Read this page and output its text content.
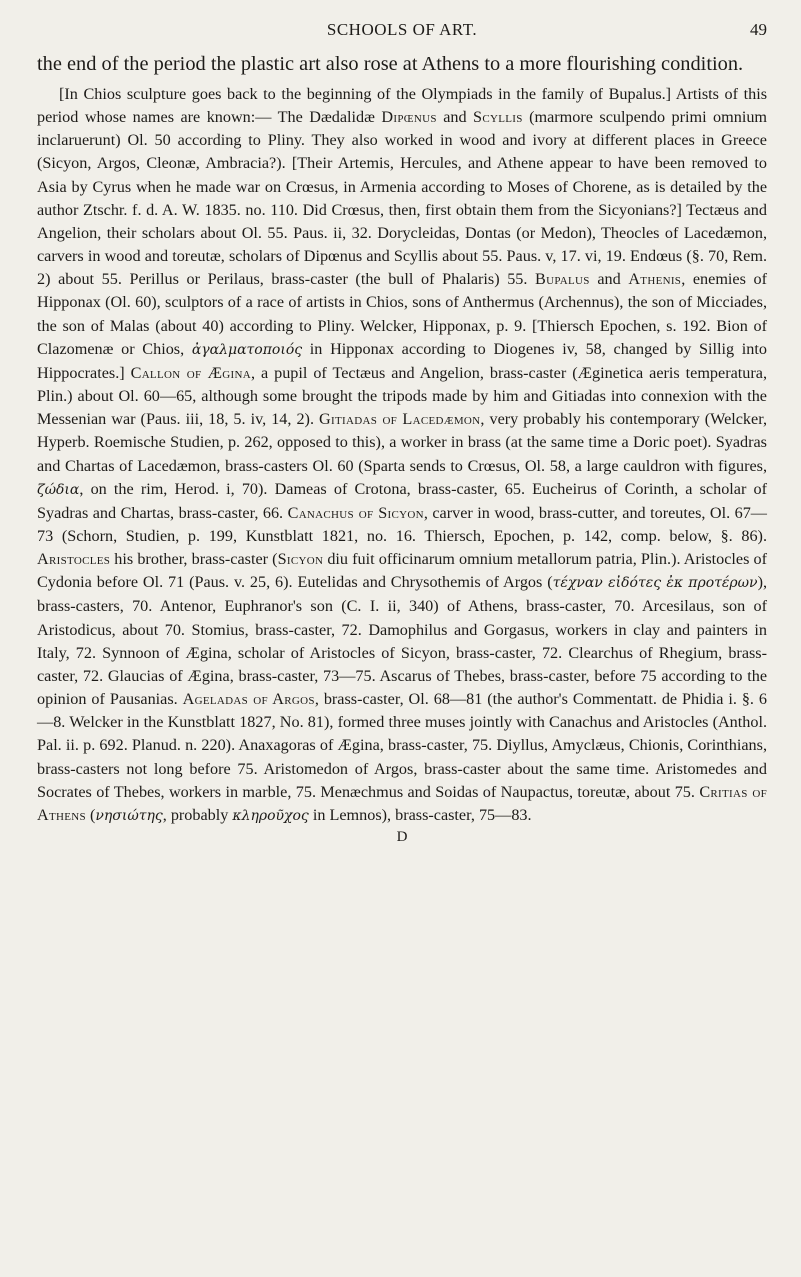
SCHOOLS OF ART.	49

the end of the period the plastic art also rose at Athens to a more flourishing condition.

[In Chios sculpture goes back to the beginning of the Olympiads in the family of Bupalus.] Artists of this period whose names are known:— The Dædalidæ Dipœnus and Scyllis (marmore sculpendo primi omnium inclaruerunt) Ol. 50 according to Pliny. They also worked in wood and ivory at different places in Greece (Sicyon, Argos, Cleonæ, Ambracia?). [Their Artemis, Hercules, and Athene appear to have been removed to Asia by Cyrus when he made war on Crœsus, in Armenia according to Moses of Chorene, as is detailed by the author Ztschr. f. d. A. W. 1835. no. 110. Did Crœsus, then, first obtain them from the Sicyonians?] Tectæus and Angelion, their scholars about Ol. 55. Paus. ii, 32. Dorycleidas, Dontas (or Medon), Theocles of Lacedæmon, carvers in wood and toreutæ, scholars of Dipœnus and Scyllis about 55. Paus. v, 17. vi, 19. Endœus (§. 70, Rem. 2) about 55. Perillus or Perilaus, brass-caster (the bull of Phalaris) 55. Bupalus and Athenis, enemies of Hipponax (Ol. 60), sculptors of a race of artists in Chios, sons of Anthermus (Archennus), the son of Micciades, the son of Malas (about 40) according to Pliny. Welcker, Hipponax, p. 9. [Thiersch Epochen, s. 192. Bion of Clazomenæ or Chios, ἀγαλματοποιός in Hipponax according to Diogenes iv, 58, changed by Sillig into Hippocrates.] Callon of Ægina, a pupil of Tectæus and Angelion, brass-caster (Æginetica aeris temperatura, Plin.) about Ol. 60—65, although some brought the tripods made by him and Gitiadas into connexion with the Messenian war (Paus. iii, 18, 5. iv, 14, 2). Gitiadas of Lacedæmon, very probably his contemporary (Welcker, Hyperb. Roemische Studien, p. 262, opposed to this), a worker in brass (at the same time a Doric poet). Syadras and Chartas of Lacedæmon, brass-casters Ol. 60 (Sparta sends to Crœsus, Ol. 58, a large cauldron with figures, ζώδια, on the rim, Herod. i, 70). Dameas of Crotona, brass-caster, 65. Eucheirus of Corinth, a scholar of Syadras and Chartas, brass-caster, 66. Canachus of Sicyon, carver in wood, brass-cutter, and toreutes, Ol. 67—73 (Schorn, Studien, p. 199, Kunstblatt 1821, no. 16. Thiersch, Epochen, p. 142, comp. below, §. 86). Aristocles his brother, brass-caster (Sicyon diu fuit officinarum omnium metallorum patria, Plin.). Aristocles of Cydonia before Ol. 71 (Paus. v. 25, 6). Eutelidas and Chrysothemis of Argos (τέχναν εἰδότες ἐκ προτέρων), brass-casters, 70. Antenor, Euphranor's son (C. I. ii, 340) of Athens, brass-caster, 70. Arcesilaus, son of Aristodicus, about 70. Stomius, brass-caster, 72. Damophilus and Gorgasus, workers in clay and painters in Italy, 72. Synnoon of Ægina, scholar of Aristocles of Sicyon, brass-caster, 72. Clearchus of Rhegium, brass-caster, 72. Glaucias of Ægina, brass-caster, 73—75. Ascarus of Thebes, brass-caster, before 75 according to the opinion of Pausanias. Ageladas of Argos, brass-caster, Ol. 68—81 (the author's Commentatt. de Phidia i. §. 6—8. Welcker in the Kunstblatt 1827, No. 81), formed three muses jointly with Canachus and Aristocles (Anthol. Pal. ii. p. 692. Planud. n. 220). Anaxagoras of Ægina, brass-caster, 75. Diyllus, Amyclæus, Chionis, Corinthians, brass-casters not long before 75. Aristomedon of Argos, brass-caster about the same time. Aristomedes and Socrates of Thebes, workers in marble, 75. Menæchmus and Soidas of Naupactus, toreutæ, about 75. Critias of Athens (νησιώτης, probably κληροῦχος in Lemnos), brass-caster, 75—83.

D
